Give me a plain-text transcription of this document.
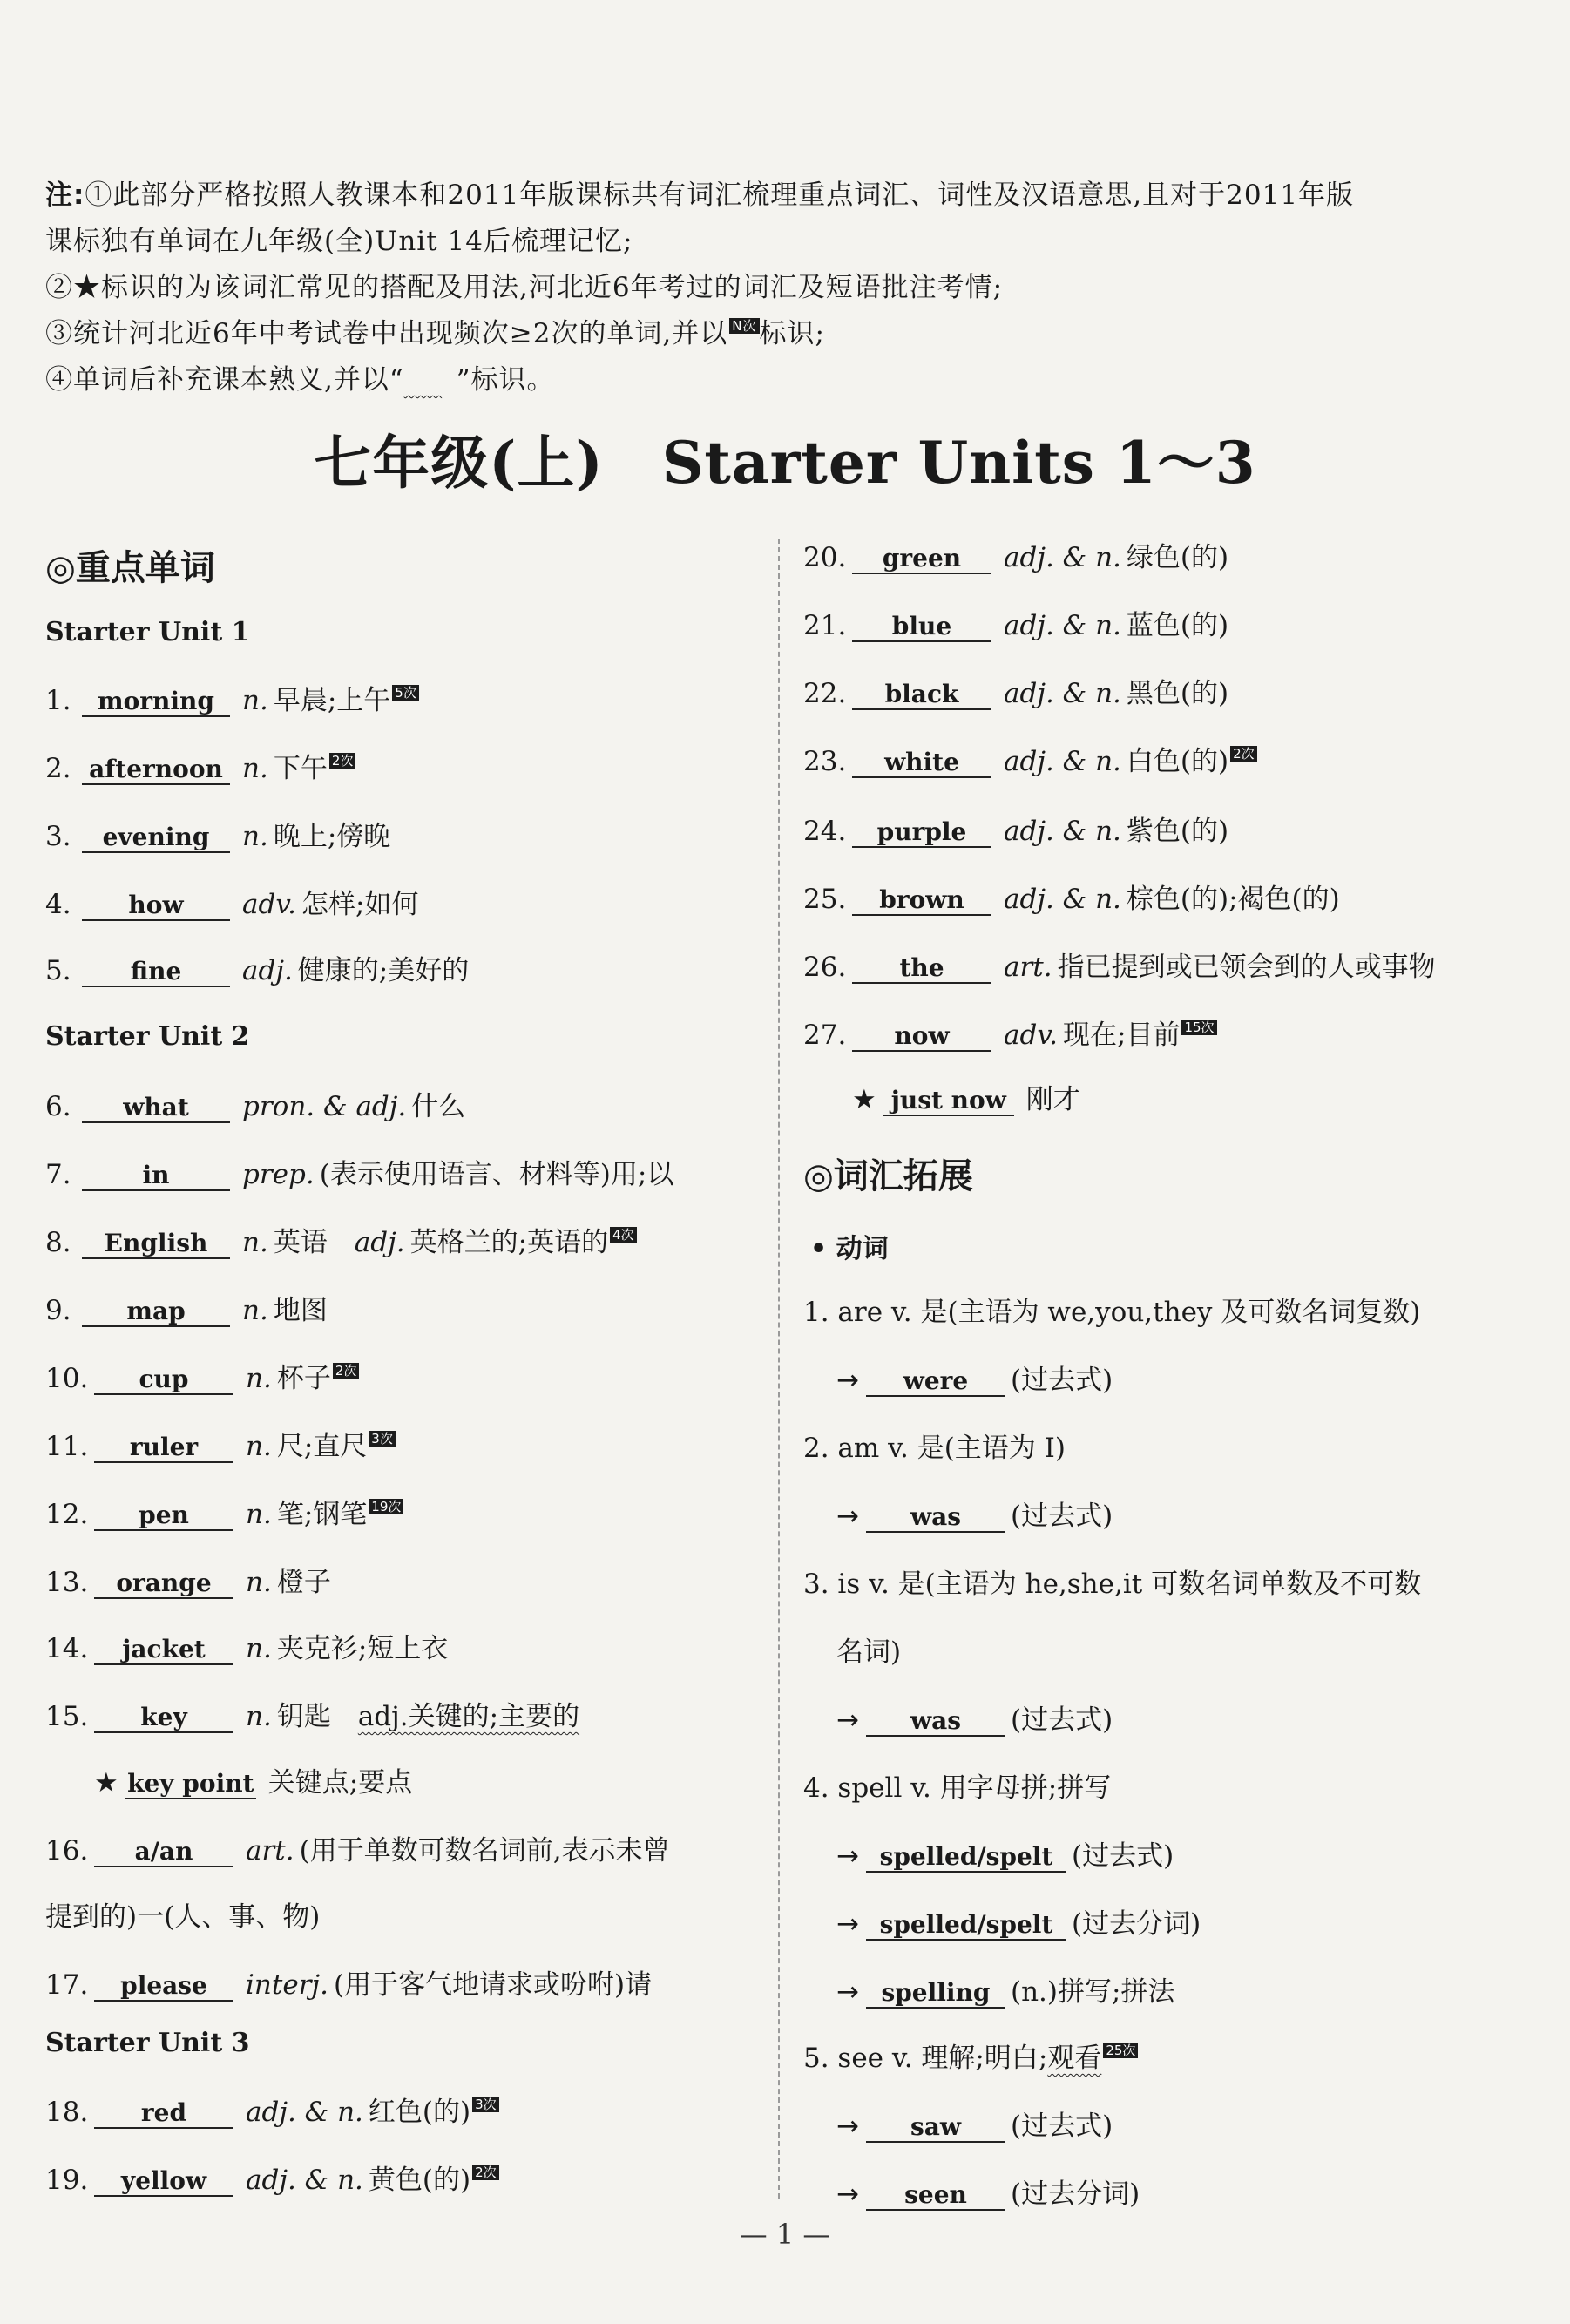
注:①此部分严格按照人教课本和2011年版课标共有词汇梳理重点词汇、词性及汉语意思,且对于2011年版
课标独有单词在九年级(全)Unit 14后梳理记忆;
②★标识的为该词汇常见的搭配及用法,河北近6年考过的词汇及短语批注考情;
③统计河北近6年中考试卷中出现频次≥2次的单词,并以 N次标识;
④单词后补充课本熟义,并以“ ”标识。
七年级(上)　Starter Units 1～3
◎重点单词
Starter Unit 1
Starter Unit 2
Starter Unit 3
1. morning n. 早晨;上午 5次
2. afternoon n. 下午 2次
3. evening n. 晚上;傍晚
4. how adv. 怎样;如何
5. fine adj. 健康的;美好的
6. what pron. & adj. 什么
7.	in	prep. (表示使用语言、材料等)用;以
8. English n. 英语　adj. 英格兰的;英语的 4次
9. map n. 地图
10. cup n. 杯子 2次
11. ruler n. 尺;直尺 3次
12. pen n. 笔;钢笔 19次
13. orange n. 橙子
14. jacket n. 夹克衫;短上衣
15. key n. 钥匙　adj.关键的;主要的
16. a/an art. (用于单数可数名词前,表示未曾
提到的)一(人、事、物)
17. please interj. (用于客气地请求或吩咐)请
18. red adj. & n. 红色(的) 3次
19. yellow adj. & n. 黄色(的) 2次
★ key point 关键点;要点
20. green adj. & n. 绿色(的)
21. blue adj. & n. 蓝色(的)
22. black adj. & n. 黑色(的)
23. white adj. & n. 白色(的) 2次
24. purple adj. & n. 紫色(的)
25. brown adj. & n. 棕色(的);褐色(的)
26. the art. 指已提到或已领会到的人或事物
27. now adv. 现在;目前 15次
★ just now 刚才
◎词汇拓展
• 动词
1. are v. 是(主语为 we,you,they 及可数名词复数)
→ were (过去式)
2. am v. 是(主语为 I)
→ was (过去式)
3. is v. 是(主语为 he,she,it 可数名词单数及不可数
名词)
→ was (过去式)
4. spell v. 用字母拼;拼写
→ spelled/spelt (过去式)
→ spelled/spelt (过去分词)
→ spelling (n.)拼写;拼法
5. see v. 理解;明白;观看 25次
→ saw (过去式)
→ seen (过去分词)
— 1 —
